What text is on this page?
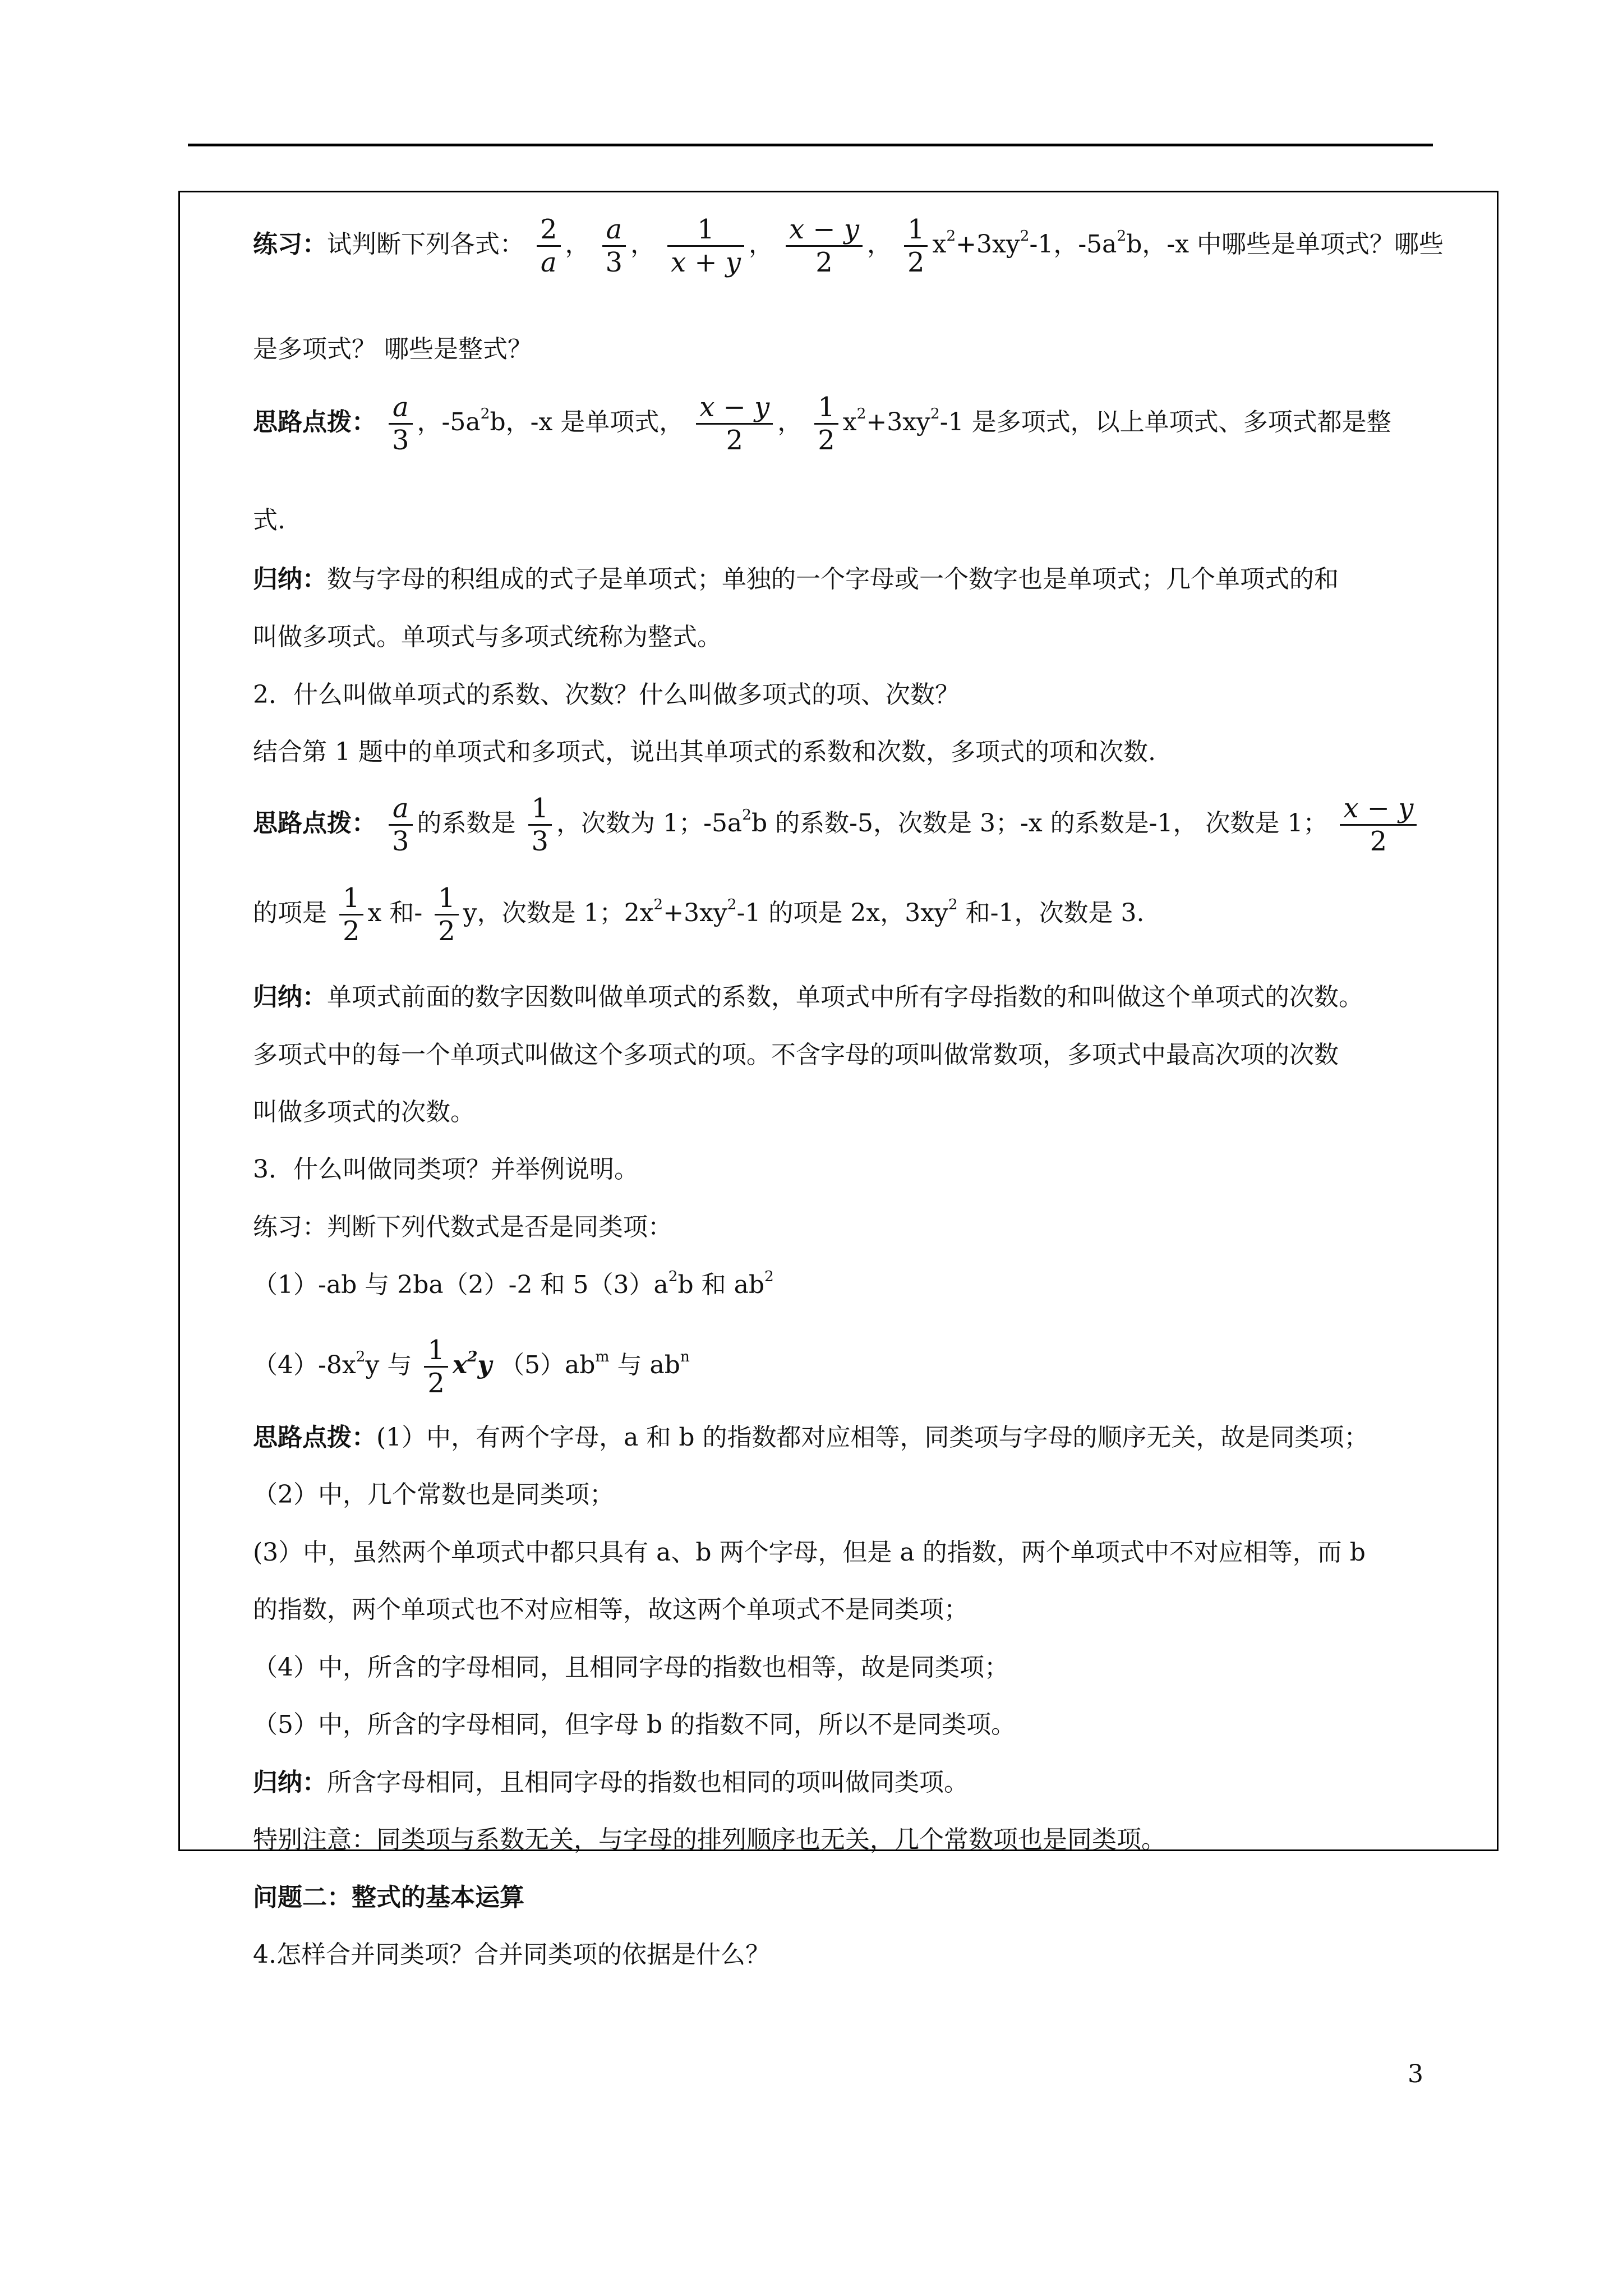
练习：试判断下列各式： $\frac{2}{a}$ ， $\frac{a}{3}$ ， $\frac{1}{x + y}$ ， $\frac{x - y}{2}$ ， $\frac{1}{2} x^2+3xy^2-1$，$-5a^2b$，-x 中哪些是单项式？哪些
是多项式？ 哪些是整式？
思路点拨： $\frac{a}{3}$ ，$-5a^2b$，-x 是单项式， $\frac{x - y}{2}$ ， $\frac{1}{2} x^2+3xy^2-1$ 是多项式，以上单项式、多项式都是整
式.
归纳：数与字母的积组成的式子是单项式；单独的一个字母或一个数字也是单项式；几个单项式的和
叫做多项式。单项式与多项式统称为整式。
2．什么叫做单项式的系数、次数？什么叫做多项式的项、次数？
结合第 1 题中的单项式和多项式，说出其单项式的系数和次数，多项式的项和次数.
思路点拨： $\frac{a}{3}$ 的系数是 $\frac{1}{3}$ ，次数为 1；$-5a^2b$ 的系数-5，次数是 3；-x 的系数是-1， 次数是 1； $\frac{x - y}{2}$
的项是 $\frac{1}{2}$ x 和- $\frac{1}{2}$ y，次数是 1；$2x^2+3xy^2-1$ 的项是 2x，$3xy^2$ 和-1，次数是 3.
归纳：单项式前面的数字因数叫做单项式的系数，单项式中所有字母指数的和叫做这个单项式的次数。
多项式中的每一个单项式叫做这个多项式的项。不含字母的项叫做常数项，多项式中最高次项的次数
叫做多项式的次数。
3．什么叫做同类项？并举例说明。
练习：判断下列代数式是否是同类项：
（1）-ab 与 2ba（2）-2 和 $5(3)a^2b$ 和 $ab^2$
$(4)-8x^2y$ 与 $\frac{1}{2} x^2y$ $(5)ab^m$ 与 $ab^n$
思路点拨：(1）中，有两个字母，a 和 b 的指数都对应相等，同类项与字母的顺序无关，故是同类项；
（2）中，几个常数也是同类项；
(3）中，虽然两个单项式中都只具有 a、b 两个字母，但是 a 的指数，两个单项式中不对应相等，而 b
的指数，两个单项式也不对应相等，故这两个单项式不是同类项；
（4）中，所含的字母相同，且相同字母的指数也相等，故是同类项；
（5）中，所含的字母相同，但字母 b 的指数不同，所以不是同类项。
归纳：所含字母相同，且相同字母的指数也相同的项叫做同类项。
特别注意：同类项与系数无关，与字母的排列顺序也无关，几个常数项也是同类项。
问题二：整式的基本运算
4.怎样合并同类项？合并同类项的依据是什么？
3
